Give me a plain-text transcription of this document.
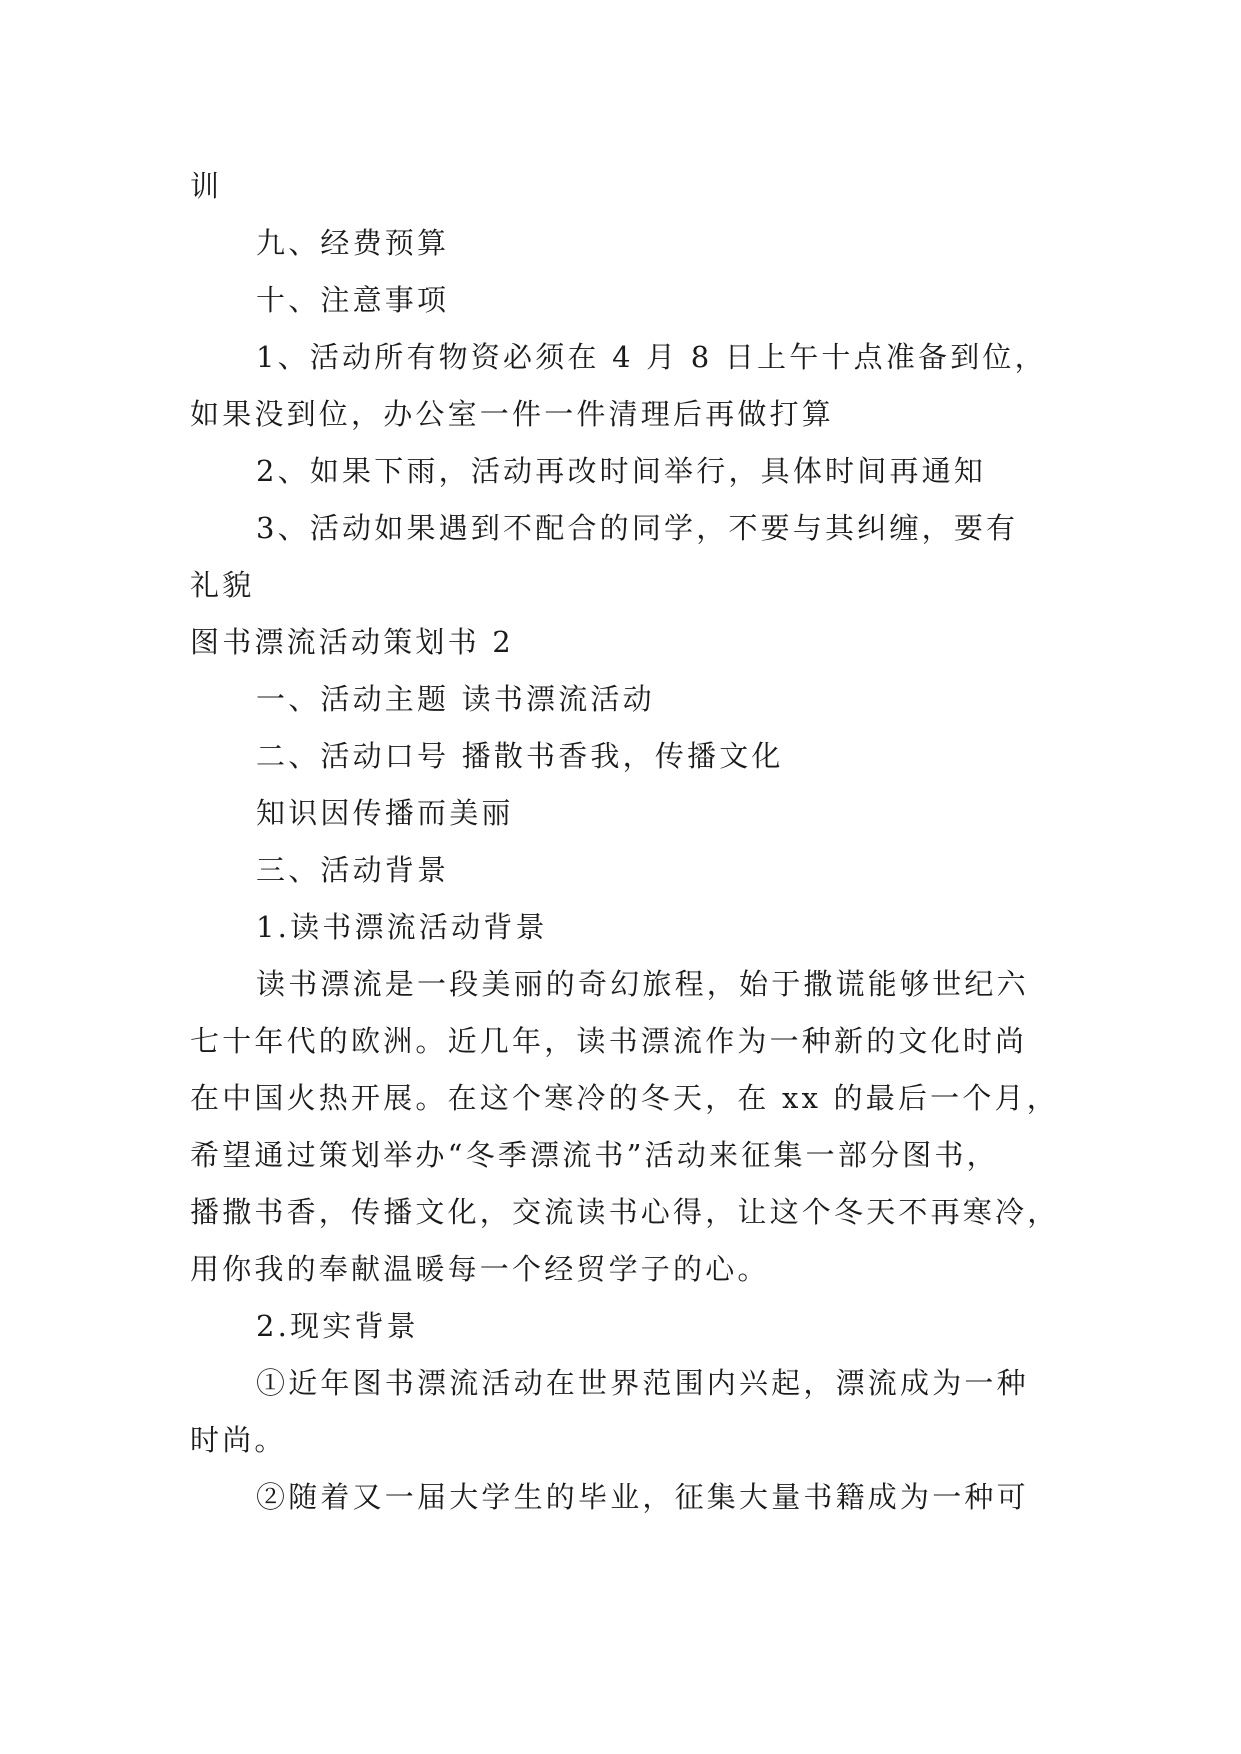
训
九、经费预算
十、注意事项
1、活动所有物资必须在 4 月 8 日上午十点准备到位，
如果没到位，办公室一件一件清理后再做打算
2、如果下雨，活动再改时间举行，具体时间再通知
3、活动如果遇到不配合的同学，不要与其纠缠，要有
礼貌
图书漂流活动策划书 2
一、活动主题 读书漂流活动
二、活动口号 播散书香我，传播文化
知识因传播而美丽
三、活动背景
1.读书漂流活动背景
读书漂流是一段美丽的奇幻旅程，始于撒谎能够世纪六
七十年代的欧洲。近几年，读书漂流作为一种新的文化时尚
在中国火热开展。在这个寒冷的冬天，在 xx 的最后一个月，
希望通过策划举办“冬季漂流书”活动来征集一部分图书，
播撒书香，传播文化，交流读书心得，让这个冬天不再寒冷，
用你我的奉献温暖每一个经贸学子的心。
2.现实背景
①近年图书漂流活动在世界范围内兴起，漂流成为一种
时尚。
②随着又一届大学生的毕业，征集大量书籍成为一种可
